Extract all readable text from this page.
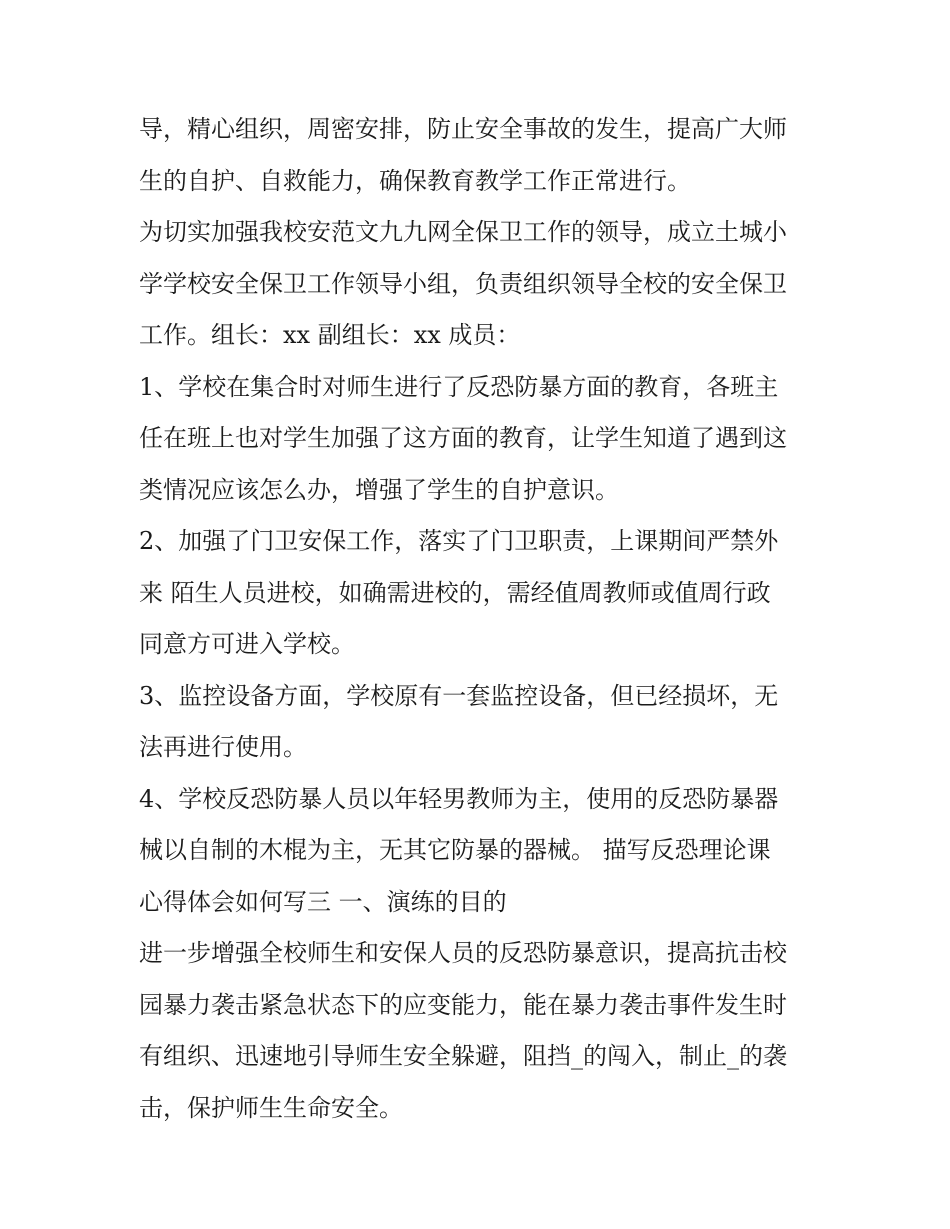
导，精心组织，周密安排，防止安全事故的发生，提高广大师
生的自护、自救能力，确保教育教学工作正常进行。
为切实加强我校安范文九九网全保卫工作的领导，成立土城小
学学校安全保卫工作领导小组，负责组织领导全校的安全保卫
工作。组长：xx 副组长：xx 成员：
1、学校在集合时对师生进行了反恐防暴方面的教育，各班主
任在班上也对学生加强了这方面的教育，让学生知道了遇到这
类情况应该怎么办，增强了学生的自护意识。
2、加强了门卫安保工作，落实了门卫职责，上课期间严禁外
来 陌生人员进校，如确需进校的，需经值周教师或值周行政
同意方可进入学校。
3、监控设备方面，学校原有一套监控设备，但已经损坏，无
法再进行使用。
4、学校反恐防暴人员以年轻男教师为主，使用的反恐防暴器
械以自制的木棍为主，无其它防暴的器械。 描写反恐理论课
心得体会如何写三 一、演练的目的
进一步增强全校师生和安保人员的反恐防暴意识，提高抗击校
园暴力袭击紧急状态下的应变能力，能在暴力袭击事件发生时
有组织、迅速地引导师生安全躲避，阻挡_的闯入，制止_的袭
击，保护师生生命安全。
